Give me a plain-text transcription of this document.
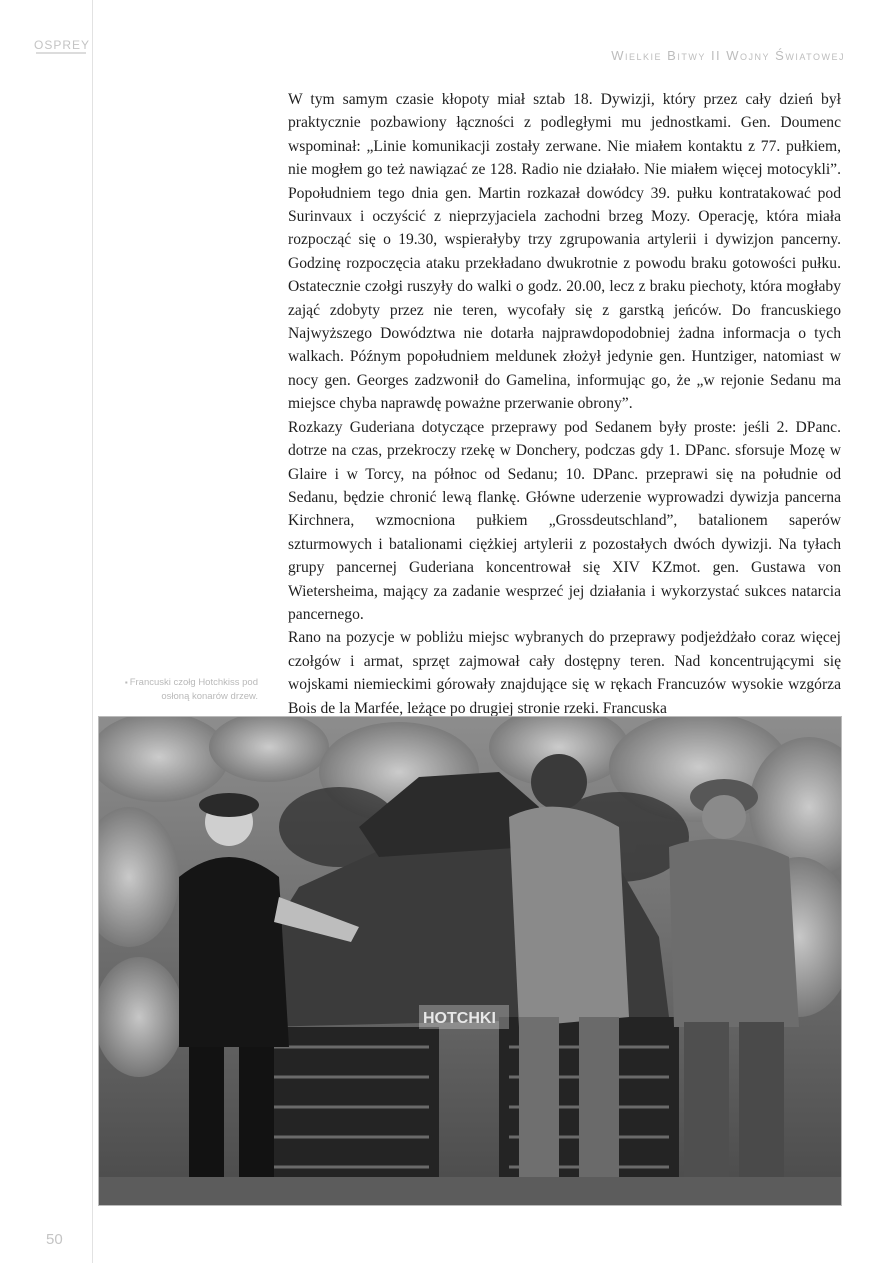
OSPREY
Wielkie Bitwy II Wojny Światowej

W tym samym czasie kłopoty miał sztab 18. Dywizji, który przez cały dzień był praktycznie pozbawiony łączności z podległymi mu jednostkami. Gen. Doumenc wspominał: „Linie komunikacji zostały zerwane. Nie miałem kontaktu z 77. pułkiem, nie mogłem go też nawiązać ze 128. Radio nie działało. Nie miałem więcej motocykli”. Popołudniem tego dnia gen. Martin rozkazał dowódcy 39. pułku kontratakować pod Surinvaux i oczyścić z nieprzyjaciela zachodni brzeg Mozy. Operację, która miała rozpocząć się o 19.30, wspierałyby trzy zgrupowania artylerii i dywizjon pancerny. Godzinę rozpoczęcia ataku przekładano dwukrotnie z powodu braku gotowości pułku. Ostatecznie czołgi ruszyły do walki o godz. 20.00, lecz z braku piechoty, która mogłaby zająć zdobyty przez nie teren, wycofały się z garstką jeńców. Do francuskiego Najwyższego Dowództwa nie dotarła najprawdopodobniej żadna informacja o tych walkach. Późnym popołudniem meldunek złożył jedynie gen. Huntziger, natomiast w nocy gen. Georges zadzwonił do Gamelina, informując go, że „w rejonie Sedanu ma miejsce chyba naprawdę poważne przerwanie obrony”.

Rozkazy Guderiana dotyczące przeprawy pod Sedanem były proste: jeśli 2. DPanc. dotrze na czas, przekroczy rzekę w Donchery, podczas gdy 1. DPanc. sforsuje Mozę w Glaire i w Torcy, na północ od Sedanu; 10. DPanc. przeprawi się na południe od Sedanu, będzie chronić lewą flankę. Główne uderzenie wyprowadzi dywizja pancerna Kirchnera, wzmocniona pułkiem „Grossdeutschland”, batalionem saperów szturmowych i batalionami ciężkiej artylerii z pozostałych dwóch dywizji. Na tyłach grupy pancernej Guderiana koncentrował się XIV KZmot. gen. Gustawa von Wietersheima, mający za zadanie wesprzeć jej działania i wykorzystać sukces natarcia pancernego.

Rano na pozycje w pobliżu miejsc wybranych do przeprawy podjeżdżało coraz więcej czołgów i armat, sprzęt zajmował cały dostępny teren. Nad koncentrującymi się wojskami niemieckimi górowały znajdujące się w rękach Francuzów wysokie wzgórza Bois de la Marfée, leżące po drugiej stronie rzeki. Francuska

▪ Francuski czołg Hotchkiss pod osłoną konarów drzew.
HOTCHKI
50
